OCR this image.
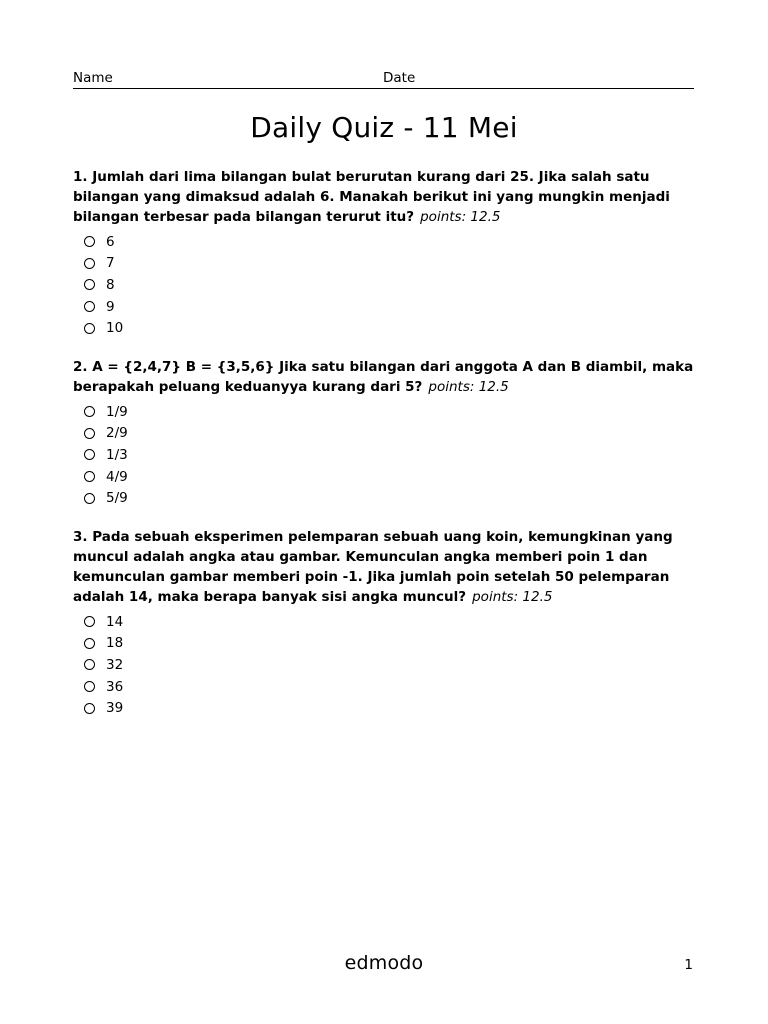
Name	Date
Daily Quiz - 11 Mei

1. Jumlah dari lima bilangan bulat berurutan kurang dari 25. Jika salah satu bilangan yang dimaksud adalah 6. Manakah berikut ini yang mungkin menjadi bilangan terbesar pada bilangan terurut itu? points: 12.5

6
7
8
9
10

2. A = {2,4,7} B = {3,5,6} Jika satu bilangan dari anggota A dan B diambil, maka berapakah peluang keduanyya kurang dari 5? points: 12.5

1/9
2/9
1/3
4/9
5/9

3. Pada sebuah eksperimen pelemparan sebuah uang koin, kemungkinan yang muncul adalah angka atau gambar. Kemunculan angka memberi poin 1 dan kemunculan gambar memberi poin -1. Jika jumlah poin setelah 50 pelemparan adalah 14, maka berapa banyak sisi angka muncul? points: 12.5

14
18
32
36
39
edmodo	1
